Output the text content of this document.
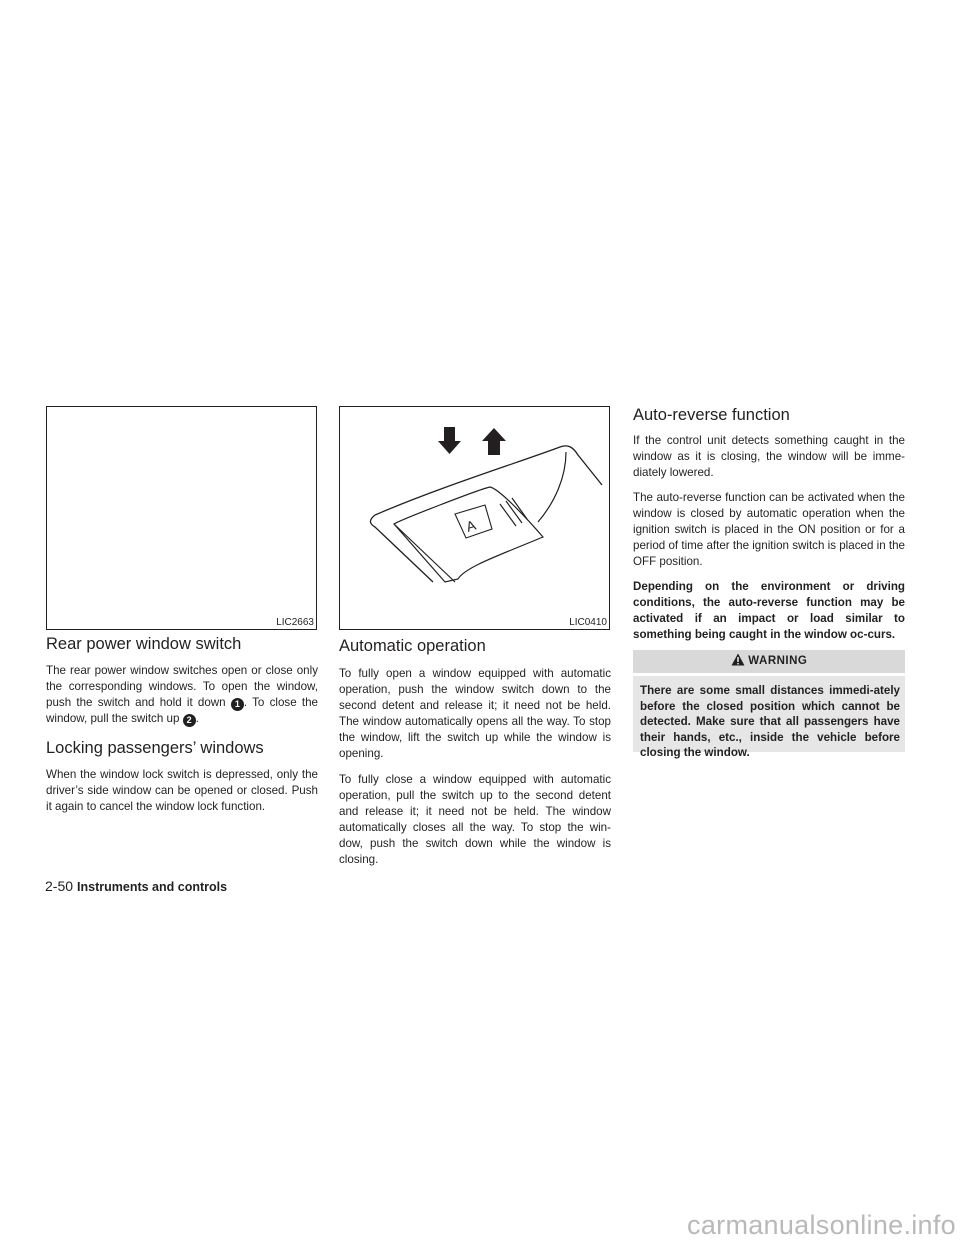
LIC2663
A
LIC0410
Rear power window switch

The rear power window switches open or close only the corresponding windows. To open the window, push the switch and hold it down 1 . To close the window, pull the switch up 2 .

Locking passengers’ windows

When the window lock switch is depressed, only the driver’s side window can be opened or closed. Push it again to cancel the window lock function.

Automatic operation

To fully open a window equipped with automatic operation, push the window switch down to the second detent and release it; it need not be held. The window automatically opens all the way. To stop the window, lift the switch up while the window is opening.

To fully close a window equipped with automatic operation, pull the switch up to the second detent and release it; it need not be held. The window automatically closes all the way. To stop the win-dow, push the switch down while the window is closing.

Auto-reverse function

If the control unit detects something caught in the window as it is closing, the window will be imme-diately lowered.

The auto-reverse function can be activated when the window is closed by automatic operation when the ignition switch is placed in the ON position or for a period of time after the ignition switch is placed in the OFF position.

Depending on the environment or driving conditions, the auto-reverse function may be activated if an impact or load similar to something being caught in the window oc-curs.

WARNING

There are some small distances immedi-ately before the closed position which cannot be detected. Make sure that all passengers have their hands, etc., inside the vehicle before closing the window.

2-50 Instruments and controls
carmanualsonline.info
